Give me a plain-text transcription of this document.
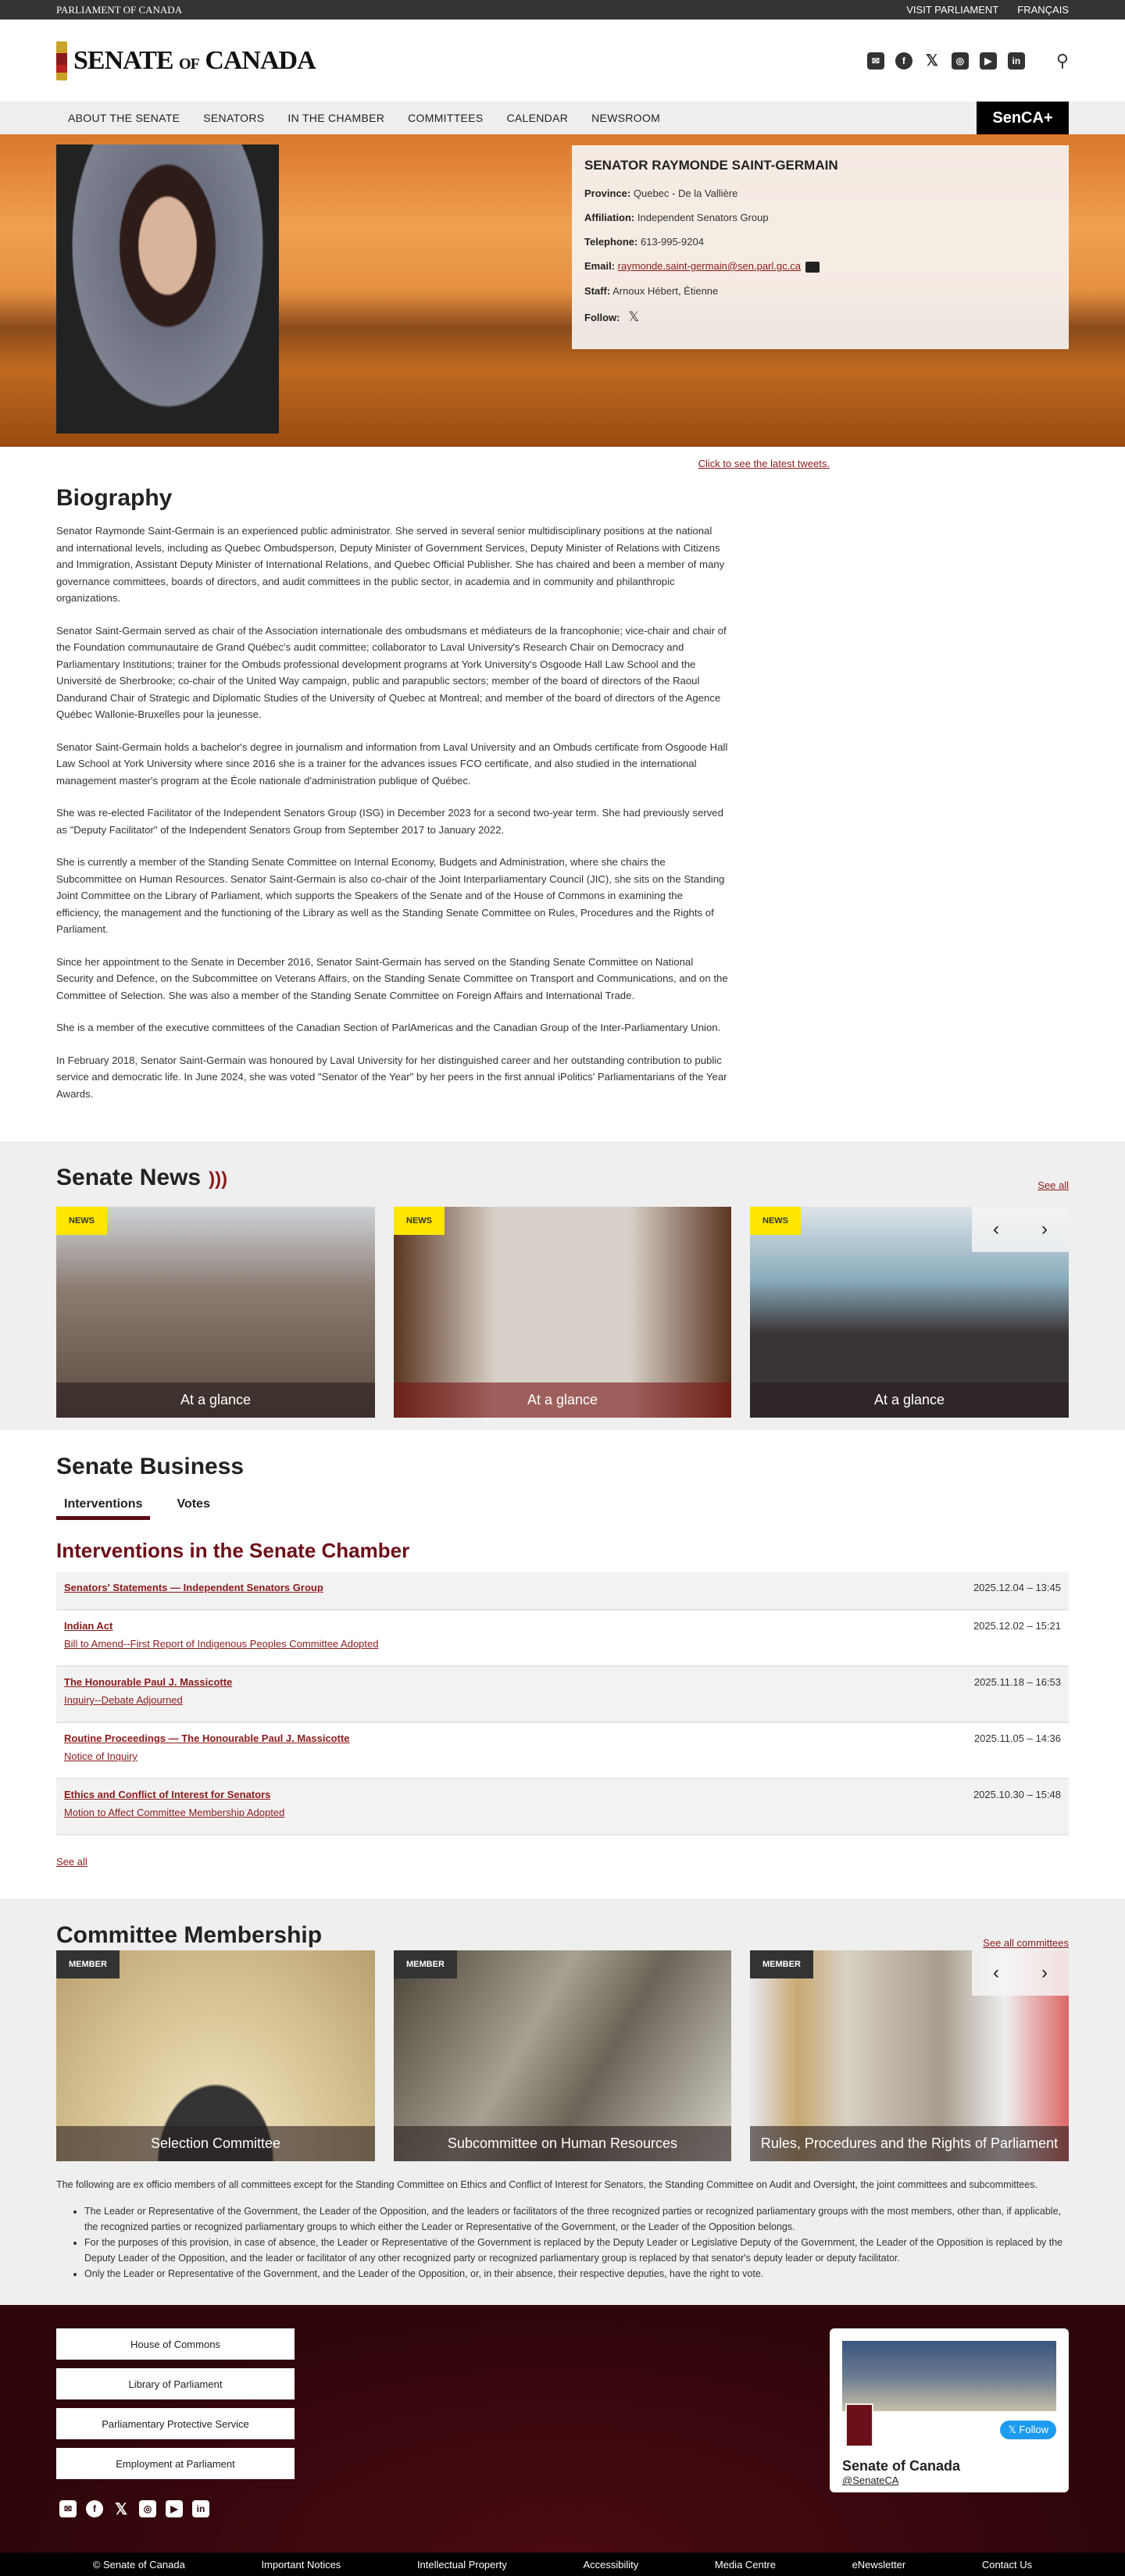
PARLIAMENT OF CANADA	VISIT PARLIAMENT FRANÇAIS
SENATE OF CANADA	✉	f	𝕏	◎	▶	in ⚲
ABOUT THE SENATE	SENATORS	IN THE CHAMBER	COMMITTEES	CALENDAR	NEWSROOM	SenCA+
SENATOR RAYMONDE SAINT-GERMAIN

Province: Quebec - De la Vallière

Affiliation: Independent Senators Group

Telephone: 613-995-9204

Email: raymonde.saint-germain@sen.parl.gc.ca

Staff: Arnoux Hébert, Étienne

Follow: 𝕏

Click to see the latest tweets.
Biography

Senator Raymonde Saint-Germain is an experienced public administrator. She served in several senior multidisciplinary positions at the national and international levels, including as Quebec Ombudsperson, Deputy Minister of Government Services, Deputy Minister of Relations with Citizens and Immigration, Assistant Deputy Minister of International Relations, and Quebec Official Publisher. She has chaired and been a member of many governance committees, boards of directors, and audit committees in the public sector, in academia and in community and philanthropic organizations.

Senator Saint-Germain served as chair of the Association internationale des ombudsmans et médiateurs de la francophonie; vice-chair and chair of the Foundation communautaire de Grand Québec's audit committee; collaborator to Laval University's Research Chair on Democracy and Parliamentary Institutions; trainer for the Ombuds professional development programs at York University's Osgoode Hall Law School and the Université de Sherbrooke; co-chair of the United Way campaign, public and parapublic sectors; member of the board of directors of the Raoul Dandurand Chair of Strategic and Diplomatic Studies of the University of Quebec at Montreal; and member of the board of directors of the Agence Québec Wallonie-Bruxelles pour la jeunesse.

Senator Saint-Germain holds a bachelor's degree in journalism and information from Laval University and an Ombuds certificate from Osgoode Hall Law School at York University where since 2016 she is a trainer for the advances issues FCO certificate, and also studied in the international management master's program at the École nationale d'administration publique of Québec.

She was re-elected Facilitator of the Independent Senators Group (ISG) in December 2023 for a second two-year term. She had previously served as "Deputy Facilitator" of the Independent Senators Group from September 2017 to January 2022.

She is currently a member of the Standing Senate Committee on Internal Economy, Budgets and Administration, where she chairs the Subcommittee on Human Resources. Senator Saint-Germain is also co-chair of the Joint Interparliamentary Council (JIC), she sits on the Standing Joint Committee on the Library of Parliament, which supports the Speakers of the Senate and of the House of Commons in examining the efficiency, the management and the functioning of the Library as well as the Standing Senate Committee on Rules, Procedures and the Rights of Parliament.

Since her appointment to the Senate in December 2016, Senator Saint-Germain has served on the Standing Senate Committee on National Security and Defence, on the Subcommittee on Veterans Affairs, on the Standing Senate Committee on Transport and Communications, and on the Committee of Selection. She was also a member of the Standing Senate Committee on Foreign Affairs and International Trade.

She is a member of the executive committees of the Canadian Section of ParlAmericas and the Canadian Group of the Inter-Parliamentary Union.

In February 2018, Senator Saint-Germain was honoured by Laval University for her distinguished career and her outstanding contribution to public service and democratic life. In June 2024, she was voted "Senator of the Year" by her peers in the first annual iPolitics' Parliamentarians of the Year Awards.

Senate News )))	See all
NEWS
At a glance
NEWS
At a glance
NEWS	‹ ›
At a glance
Senate Business
Interventions	Votes
Interventions in the Senate Chamber
Senators' Statements — Independent Senators Group	2025.12.04 – 13:45
Indian Act
Bill to Amend--First Report of Indigenous Peoples Committee Adopted
2025.12.02 – 15:21
The Honourable Paul J. Massicotte
Inquiry--Debate Adjourned
2025.11.18 – 16:53
Routine Proceedings — The Honourable Paul J. Massicotte
Notice of Inquiry
2025.11.05 – 14:36
Ethics and Conflict of Interest for Senators
Motion to Affect Committee Membership Adopted
2025.10.30 – 15:48
See all
Committee Membership	See all committees
MEMBER
Selection Committee
MEMBER
Subcommittee on Human Resources
MEMBER	‹ ›
Rules, Procedures and the Rights of Parliament

The following are ex officio members of all committees except for the Standing Committee on Ethics and Conflict of Interest for Senators, the Standing Committee on Audit and Oversight, the joint committees and subcommittees.

• The Leader or Representative of the Government, the Leader of the Opposition, and the leaders or facilitators of the three recognized parties or recognized parliamentary groups with the most members, other than, if applicable, the recognized parties or recognized parliamentary groups to which either the Leader or Representative of the Government, or the Leader of the Opposition belongs.
• For the purposes of this provision, in case of absence, the Leader or Representative of the Government is replaced by the Deputy Leader or Legislative Deputy of the Government, the Leader of the Opposition is replaced by the Deputy Leader of the Opposition, and the leader or facilitator of any other recognized party or recognized parliamentary group is replaced by that senator's deputy leader or deputy facilitator.
• Only the Leader or Representative of the Government, and the Leader of the Opposition, or, in their absence, their respective deputies, have the right to vote.
House of Commons
Library of Parliament
Parliamentary Protective Service
Employment at Parliament
✉	f	𝕏	◎	▶	in
𝕏 Follow
Senate of Canada
@SenateCA
© Senate of Canada	Important Notices	Intellectual Property	Accessibility	Media Centre	eNewsletter	Contact Us
